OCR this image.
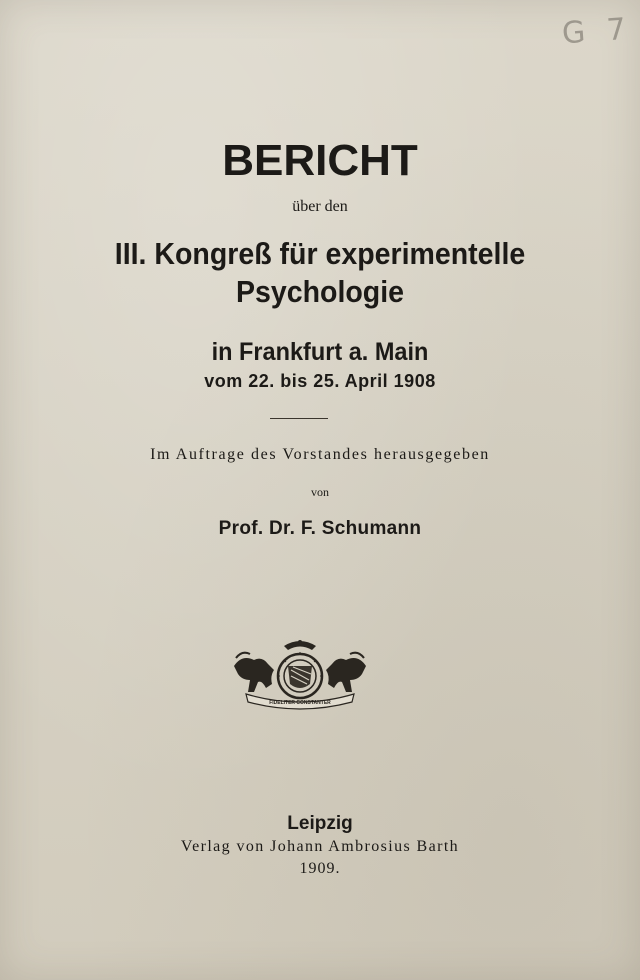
G 7
BERICHT
über den
III. Kongreß für experimentelle
Psychologie
in Frankfurt a. Main
vom 22. bis 25. April 1908
Im Auftrage des Vorstandes herausgegeben
von
Prof. Dr. F. Schumann
FIDELITER CONSTANTER
Leipzig
Verlag von Johann Ambrosius Barth
1909.
